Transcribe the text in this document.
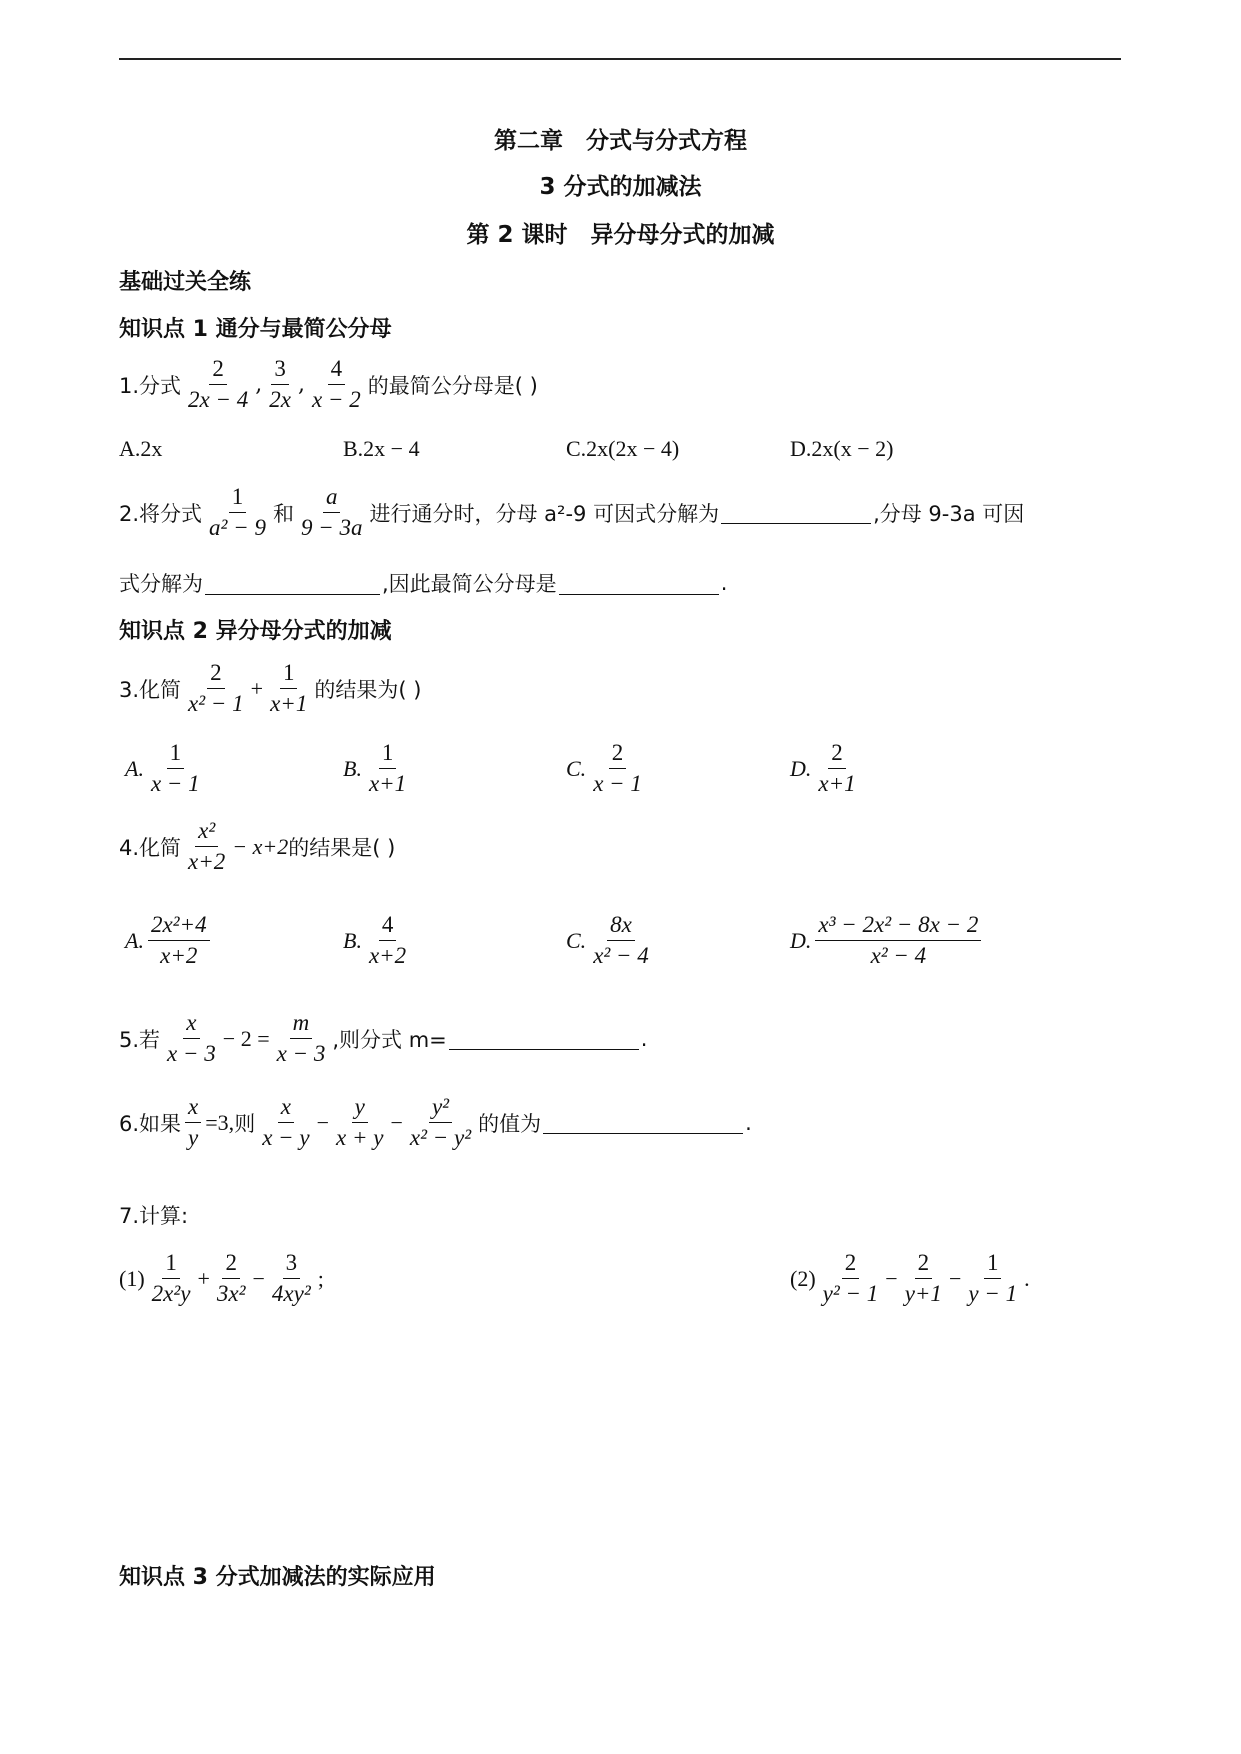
第二章　分式与分式方程
3 分式的加减法
第 2 课时　异分母分式的加减
基础过关全练
知识点 1 通分与最简公分母
1.分式 $\frac{2}{2x - 4}$ , $\frac{3}{2x}$ , $\frac{4}{x - 2}$ 的最简公分母是( )
A.2x	B.2x − 4	C.2x(2x − 4)	D.2x(x − 2)
2.将分式 $\frac{1}{\text{a² − 9}}$ 和 $\frac{a}{9 - 3a}$ 进行通分时，分母 a²-9 可因式分解为	,分母 9-3a 可因
式分解为	,因此最简公分母是	.
知识点 2 异分母分式的加减
3.化简 $\frac{2}{\text{x² − 1}} + \frac{1}{x+1}$ 的结果为( )
A. $\frac{1}{x - 1}$	B. $\frac{1}{x+1}$	C. $\frac{2}{x - 1}$	D. $\frac{2}{x+1}$
4.化简 $\frac{\text{x²}}{x+2} - x+2$ 的结果是( )
A. $\frac{\text{2x²+4}}{x+2}$	B. $\frac{4}{x+2}$	C. $\frac{8x}{\text{x² − 4}}$	D. $\frac{\text{x³ − 2x² − 8x − 2}}{\text{x² − 4}}$
5.若 $\frac{x}{x - 3} - 2 = \frac{m}{x - 3}$ ,则分式 m=	.
6.如果 $\frac{x}{y} =3$, 则 $\frac{x}{x - y} - \frac{y}{x + y} - \frac{\text{y²}}{\text{x² − y²}}$ 的值为	.
7.计算:
$(1) \frac{1}{\text{2x²y}} + \frac{2}{\text{3x²}} - \frac{3}{\text{4xy²}}$ ;	$(2) \frac{2}{\text{y² − 1}} - \frac{2}{y+1} - \frac{1}{y - 1}$ .
知识点 3 分式加减法的实际应用
